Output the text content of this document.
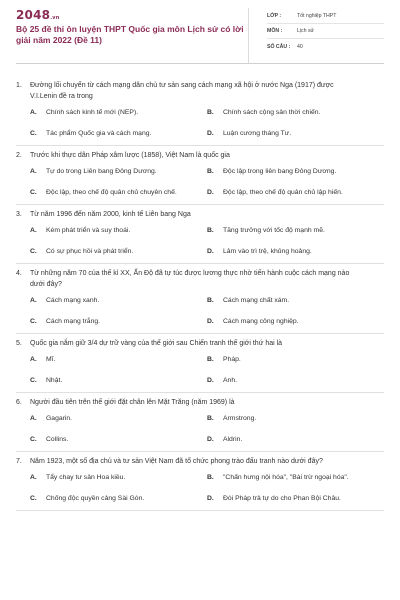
2048.vn
Bộ 25 đề thi ôn luyện THPT Quốc gia môn Lịch sử có lời giải năm 2022 (Đề 11)
LỚP :	Tốt nghiệp THPT
MÔN :	Lịch sử
SỐ CÂU :	40
1.	Đường lối chuyển từ cách mạng dân chủ tư sản sang cách mạng xã hội ở nước Nga (1917) được V.I.Lenin đề ra trong
A.	Chính sách kinh tế mới (NEP).	B.	Chính sách cộng sản thời chiến.
C.	Tác phẩm Quốc gia và cách mạng.	D.	Luận cương tháng Tư.
2.	Trước khi thực dân Pháp xâm lược (1858), Việt Nam là quốc gia
A.	Tự do trong Liên bang Đông Dương.	B.	Độc lập trong liên bang Đông Dương.
C.	Độc lập, theo chế độ quân chủ chuyên chế.	D.	Độc lập, theo chế độ quân chủ lập hiến.
3.	Từ năm 1996 đến năm 2000, kinh tế Liên bang Nga
A.	Kém phát triển và suy thoái.	B.	Tăng trưởng với tốc độ mạnh mẽ.
C.	Có sự phục hồi và phát triển.	D.	Lâm vào trì trệ, khủng hoảng.
4.	Từ những năm 70 của thế kỉ XX, Ấn Độ đã tự túc được lương thực nhờ tiến hành cuộc cách mạng nào dưới đây?
A.	Cách mạng xanh.	B.	Cách mạng chất xám.
C.	Cách mạng trắng.	D.	Cách mạng công nghiệp.
5.	Quốc gia nắm giữ 3/4 dự trữ vàng của thế giới sau Chiến tranh thế giới thứ hai là
A.	Mĩ.	B.	Pháp.
C.	Nhật.	D.	Anh.
6.	Người đầu tiên trên thế giới đặt chân lên Mặt Trăng (năm 1969) là
A.	Gagarin.	B.	Armstrong.
C.	Collins.	D.	Aldrin.
7.	Năm 1923, một số địa chủ và tư sản Việt Nam đã tổ chức phong trào đấu tranh nào dưới đây?
A.	Tẩy chay tư sản Hoa kiều.	B.	"Chấn hưng nội hóa", "Bài trừ ngoại hóa".
C.	Chống độc quyền cảng Sài Gòn.	D.	Đòi Pháp trả tự do cho Phan Bội Châu.
